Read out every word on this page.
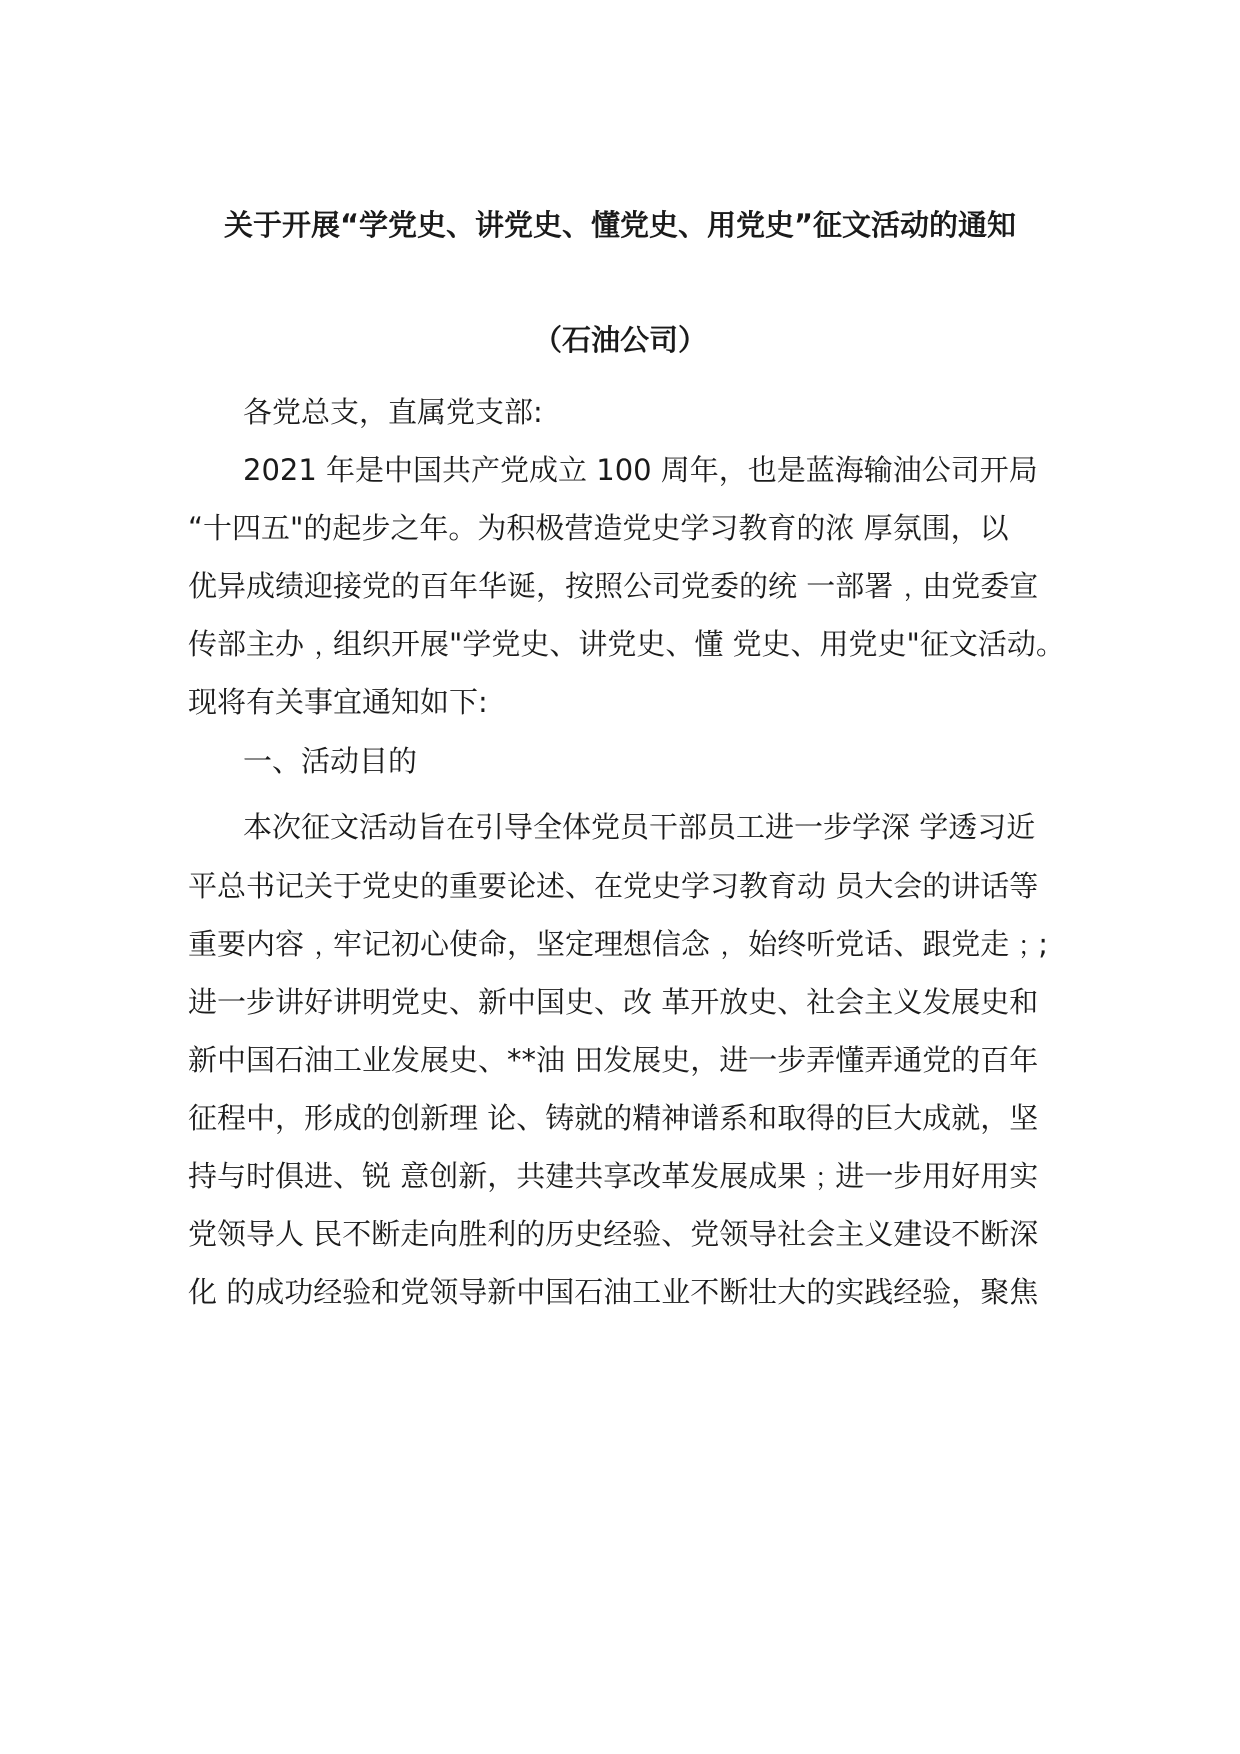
关于开展“学党史、讲党史、懂党史、用党史”征文活动的通知
（石油公司）

各党总支，直属党支部:

2021 年是中国共产党成立 100 周年，也是蓝海输油公司开局

“十四五"的起步之年。为积极营造党史学习教育的浓 厚氛围，以

优异成绩迎接党的百年华诞，按照公司党委的统 一部署﹐由党委宣

传部主办﹐组织开展"学党史、讲党史、懂 党史、用党史"征文活动。

现将有关事宜通知如下:

一、活动目的

本次征文活动旨在引导全体党员干部员工进一步学深 学透习近

平总书记关于党史的重要论述、在党史学习教育动 员大会的讲话等

重要内容﹐牢记初心使命，坚定理想信念﹐ 始终听党话、跟党走﹔;

进一步讲好讲明党史、新中国史、改 革开放史、社会主义发展史和

新中国石油工业发展史、**油 田发展史，进一步弄懂弄通党的百年

征程中，形成的创新理 论、铸就的精神谱系和取得的巨大成就，坚

持与时俱进、锐 意创新，共建共享改革发展成果﹔进一步用好用实

党领导人 民不断走向胜利的历史经验、党领导社会主义建设不断深

化 的成功经验和党领导新中国石油工业不断壮大的实践经验，聚焦
